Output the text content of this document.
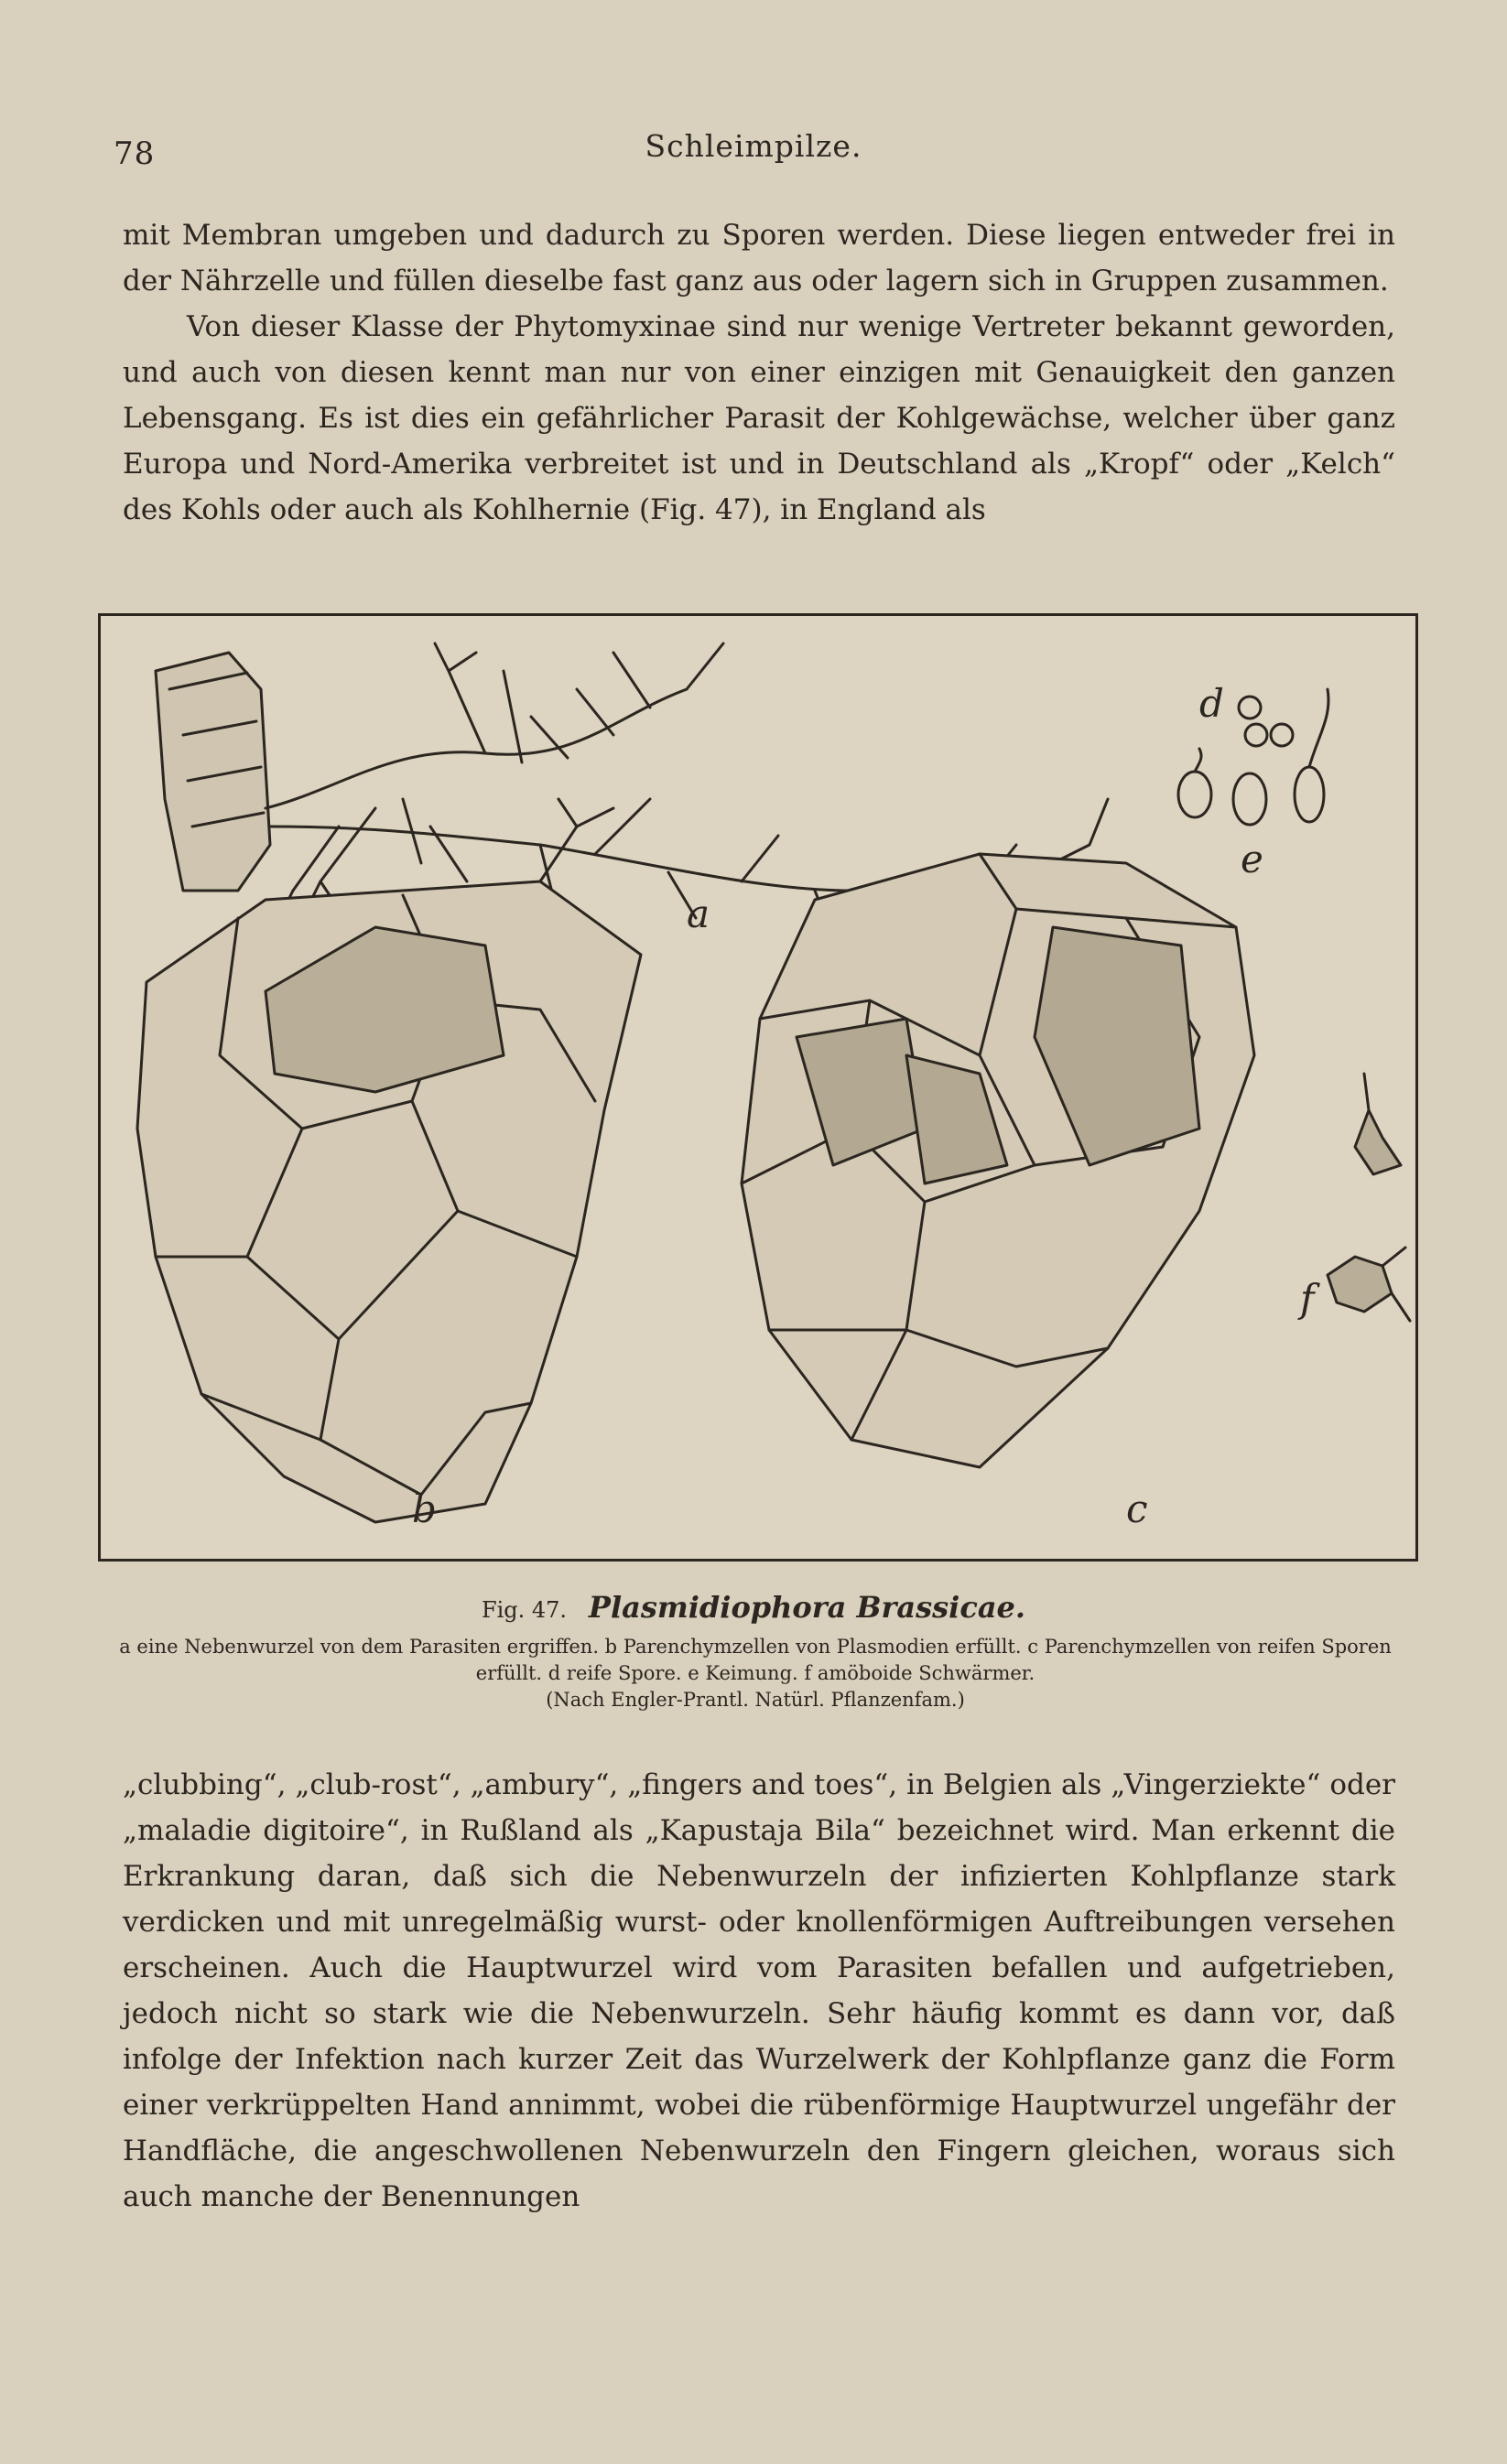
78	Schleimpilze.

mit Membran umgeben und dadurch zu Sporen werden. Diese liegen entweder frei in der Nährzelle und füllen dieselbe fast ganz aus oder lagern sich in Gruppen zusammen.

Von dieser Klasse der Phytomyxinae sind nur wenige Vertreter bekannt geworden, und auch von diesen kennt man nur von einer einzigen mit Genauigkeit den ganzen Lebensgang. Es ist dies ein gefährlicher Parasit der Kohlgewächse, welcher über ganz Europa und Nord-Amerika verbreitet ist und in Deutschland als „Kropf“ oder „Kelch“ des Kohls oder auch als Kohlhernie (Fig. 47), in England als

a
b	c
d
e
f
Fig. 47. Plasmidiophora Brassicae.
a eine Nebenwurzel von dem Parasiten ergriffen. b Parenchymzellen von Plasmodien erfüllt. c Parenchymzellen von reifen Sporen erfüllt. d reife Spore. e Keimung. f amöboide Schwärmer.
(Nach Engler-Prantl. Natürl. Pflanzenfam.)

„clubbing“, „club-rost“, „ambury“, „fingers and toes“, in Belgien als „Vingerziekte“ oder „maladie digitoire“, in Rußland als „Kapustaja Bila“ bezeichnet wird. Man erkennt die Erkrankung daran, daß sich die Nebenwurzeln der infizierten Kohlpflanze stark verdicken und mit unregelmäßig wurst- oder knollenförmigen Auftreibungen versehen erscheinen. Auch die Hauptwurzel wird vom Parasiten befallen und aufgetrieben, jedoch nicht so stark wie die Nebenwurzeln. Sehr häufig kommt es dann vor, daß infolge der Infektion nach kurzer Zeit das Wurzelwerk der Kohlpflanze ganz die Form einer verkrüppelten Hand annimmt, wobei die rübenförmige Hauptwurzel ungefähr der Handfläche, die angeschwollenen Nebenwurzeln den Fingern gleichen, woraus sich auch manche der Benennungen
